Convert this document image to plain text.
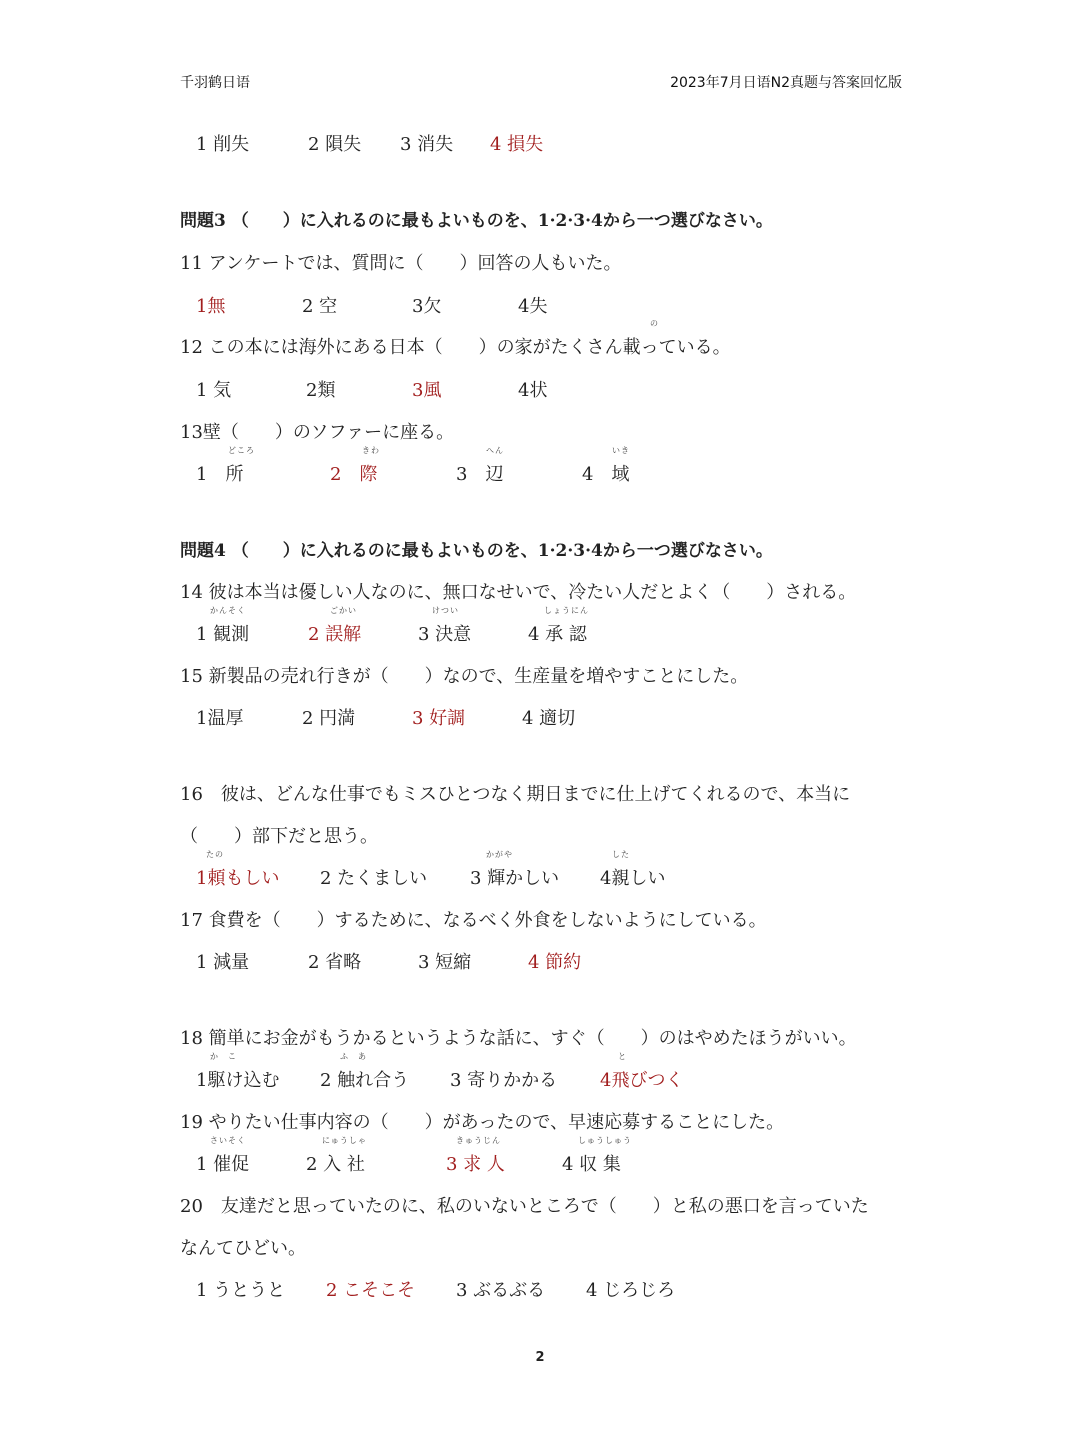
千羽鹤日语	2023年7月日语N2真题与答案回忆版
1 削失	2 隕失 3 消失 4 損失
問題3 （　　）に入れるのに最もよいものを、1·2·3·4から一つ選びなさい。
11 アンケートでは、質問に（　　）回答の人もいた。
1無	2 空	3欠	4失
の
12 この本には海外にある日本（　　）の家がたくさん載っている。
1 気	2類	3風	4状
13壁（　　）のソファーに座る。
どころ	きわ	へん	いき
1　所	2　際	3　辺	4　域
問題4 （　　）に入れるのに最もよいものを、1·2·3·4から一つ選びなさい。
14 彼は本当は優しい人なのに、無口なせいで、冷たい人だとよく（　　）される。
かんそく	ごかい	けつい	しょうにん
1 観測	2 誤解	3 決意	4 承 認
15 新製品の売れ行きが（　　）なので、生産量を増やすことにした。
1温厚	2 円満	3 好調	4 適切
16　彼は、どんな仕事でもミスひとつなく期日までに仕上げてくれるので、本当に
（　　）部下だと思う。
たの	かがや	した
1頼もしい 2 たくましい 3 輝かしい 4親しい
17 食費を（　　）するために、なるべく外食をしないようにしている。
1 減量	2 省略	3 短縮	4 節約
18 簡単にお金がもうかるというような話に、すぐ（　　）のはやめたほうがいい。
か　こ	ふ　あ	と
1駆け込む 2 触れ合う 3 寄りかかる 4飛びつく
19 やりたい仕事内容の（　　）があったので、早速応募することにした。
さいそく	にゅうしゃ	きゅうじん	しゅうしゅう
1 催促	2 入 社	3 求 人	4 収 集
20　友達だと思っていたのに、私のいないところで（　　）と私の悪口を言っていた
なんてひどい。
1 うとうと 2 こそこそ 3 ぶるぶる 4 じろじろ
2
